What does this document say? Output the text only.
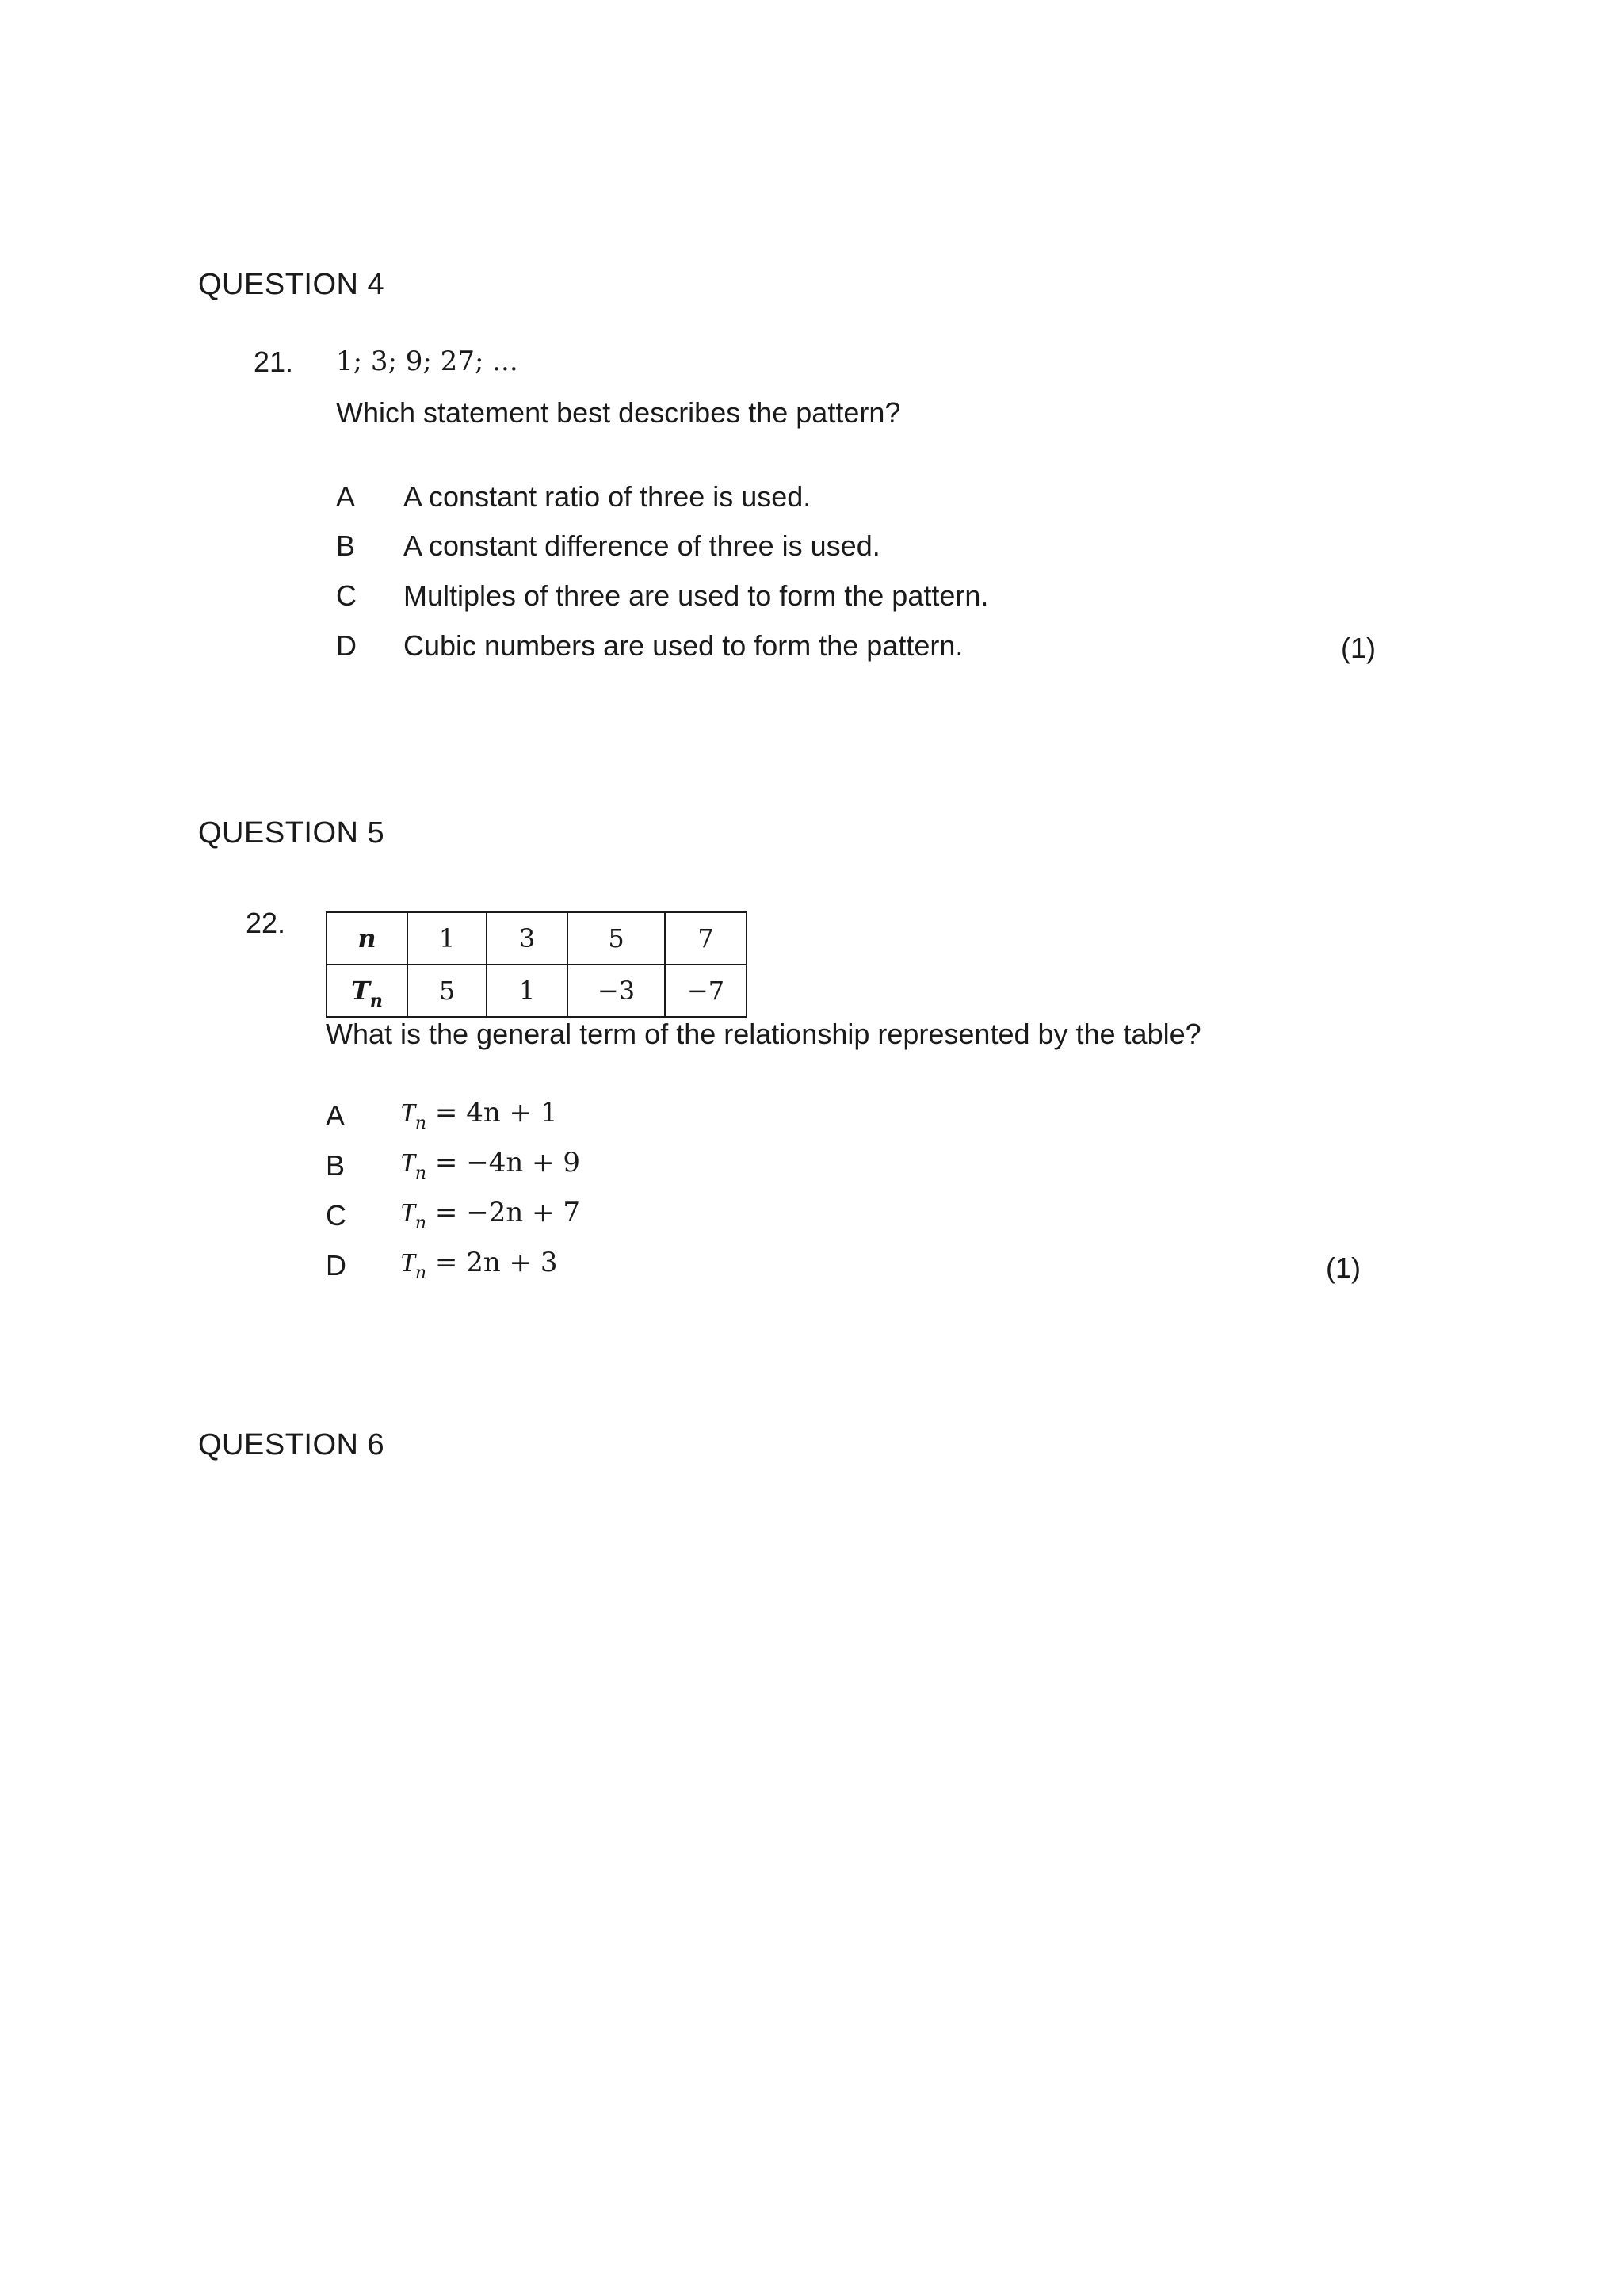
QUESTION 4
21. 1; 3; 9; 27; ...
Which statement best describes the pattern?
A A constant ratio of three is used.
B A constant difference of three is used.
C Multiples of three are used to form the pattern.
D Cubic numbers are used to form the pattern.	(1)
QUESTION 5
22.	n	1	3	5	7
$T_n$	5	1	−3	−7
What is the general term of the relationship represented by the table?
A $T_n = 4n + 1$
B $T_n = -4n + 9$
C $T_n = -2n + 7$
D $T_n = 2n + 3$	(1)
QUESTION 6
